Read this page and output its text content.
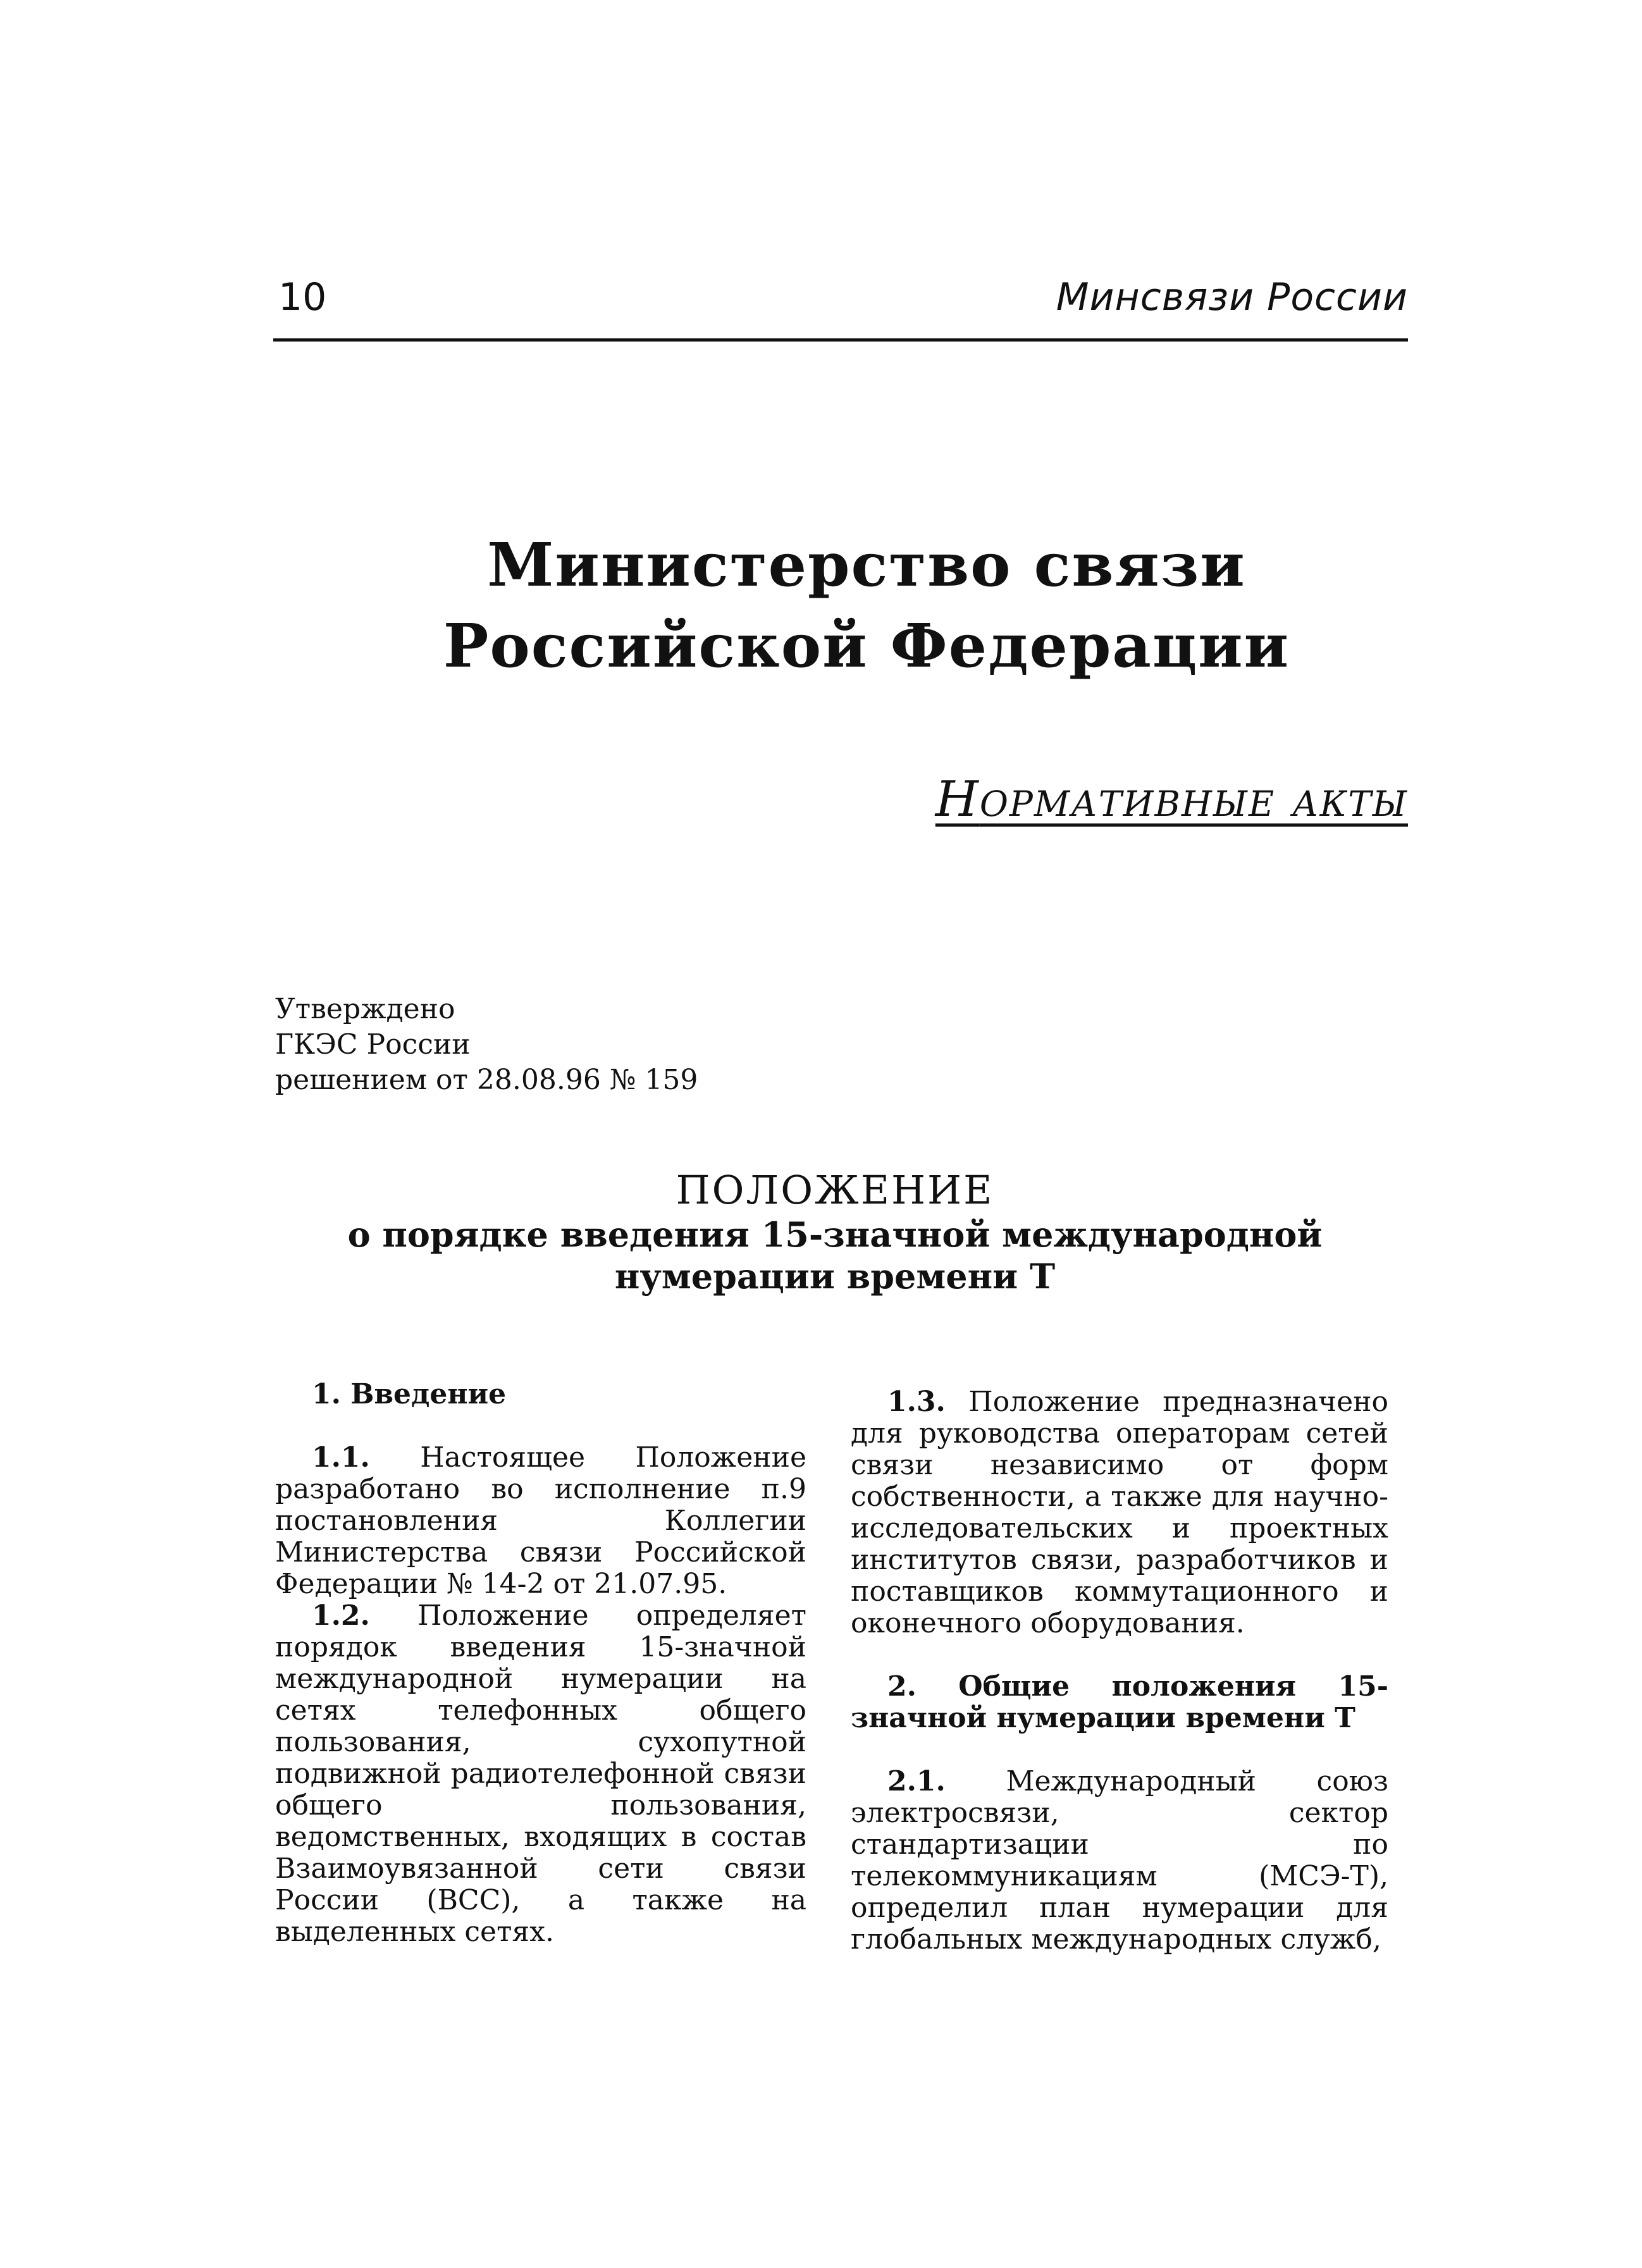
10	Минсвязи России
Министерство связи
Российской Федерации
Нормативные акты
Утверждено
ГКЭС России
решением от 28.08.96 № 159
ПОЛОЖЕНИЕ
о порядке введения 15-значной международной
нумерации времени Т

1. Введение

1.1. Настоящее Положение разработано во исполнение п.9 постановления Коллегии Министерства связи Российской Федерации № 14-2 от 21.07.95.

1.2. Положение определяет порядок введения 15-значной международной нумерации на сетях телефонных общего пользования, сухопутной подвижной радиотелефонной связи общего пользования, ведомственных, входящих в состав Взаимоувязанной сети связи России (ВСС), а также на выделенных сетях.

1.3. Положение предназначено для руководства операторам сетей связи независимо от форм собственности, а также для научно-исследовательских и проектных институтов связи, разработчиков и поставщиков коммутационного и оконечного оборудования.

2. Общие положения 15-значной нумерации времени Т

2.1. Международный союз электросвязи, сектор стандартизации по телекоммуникациям (МСЭ-Т), определил план нумерации для глобальных международных служб,
